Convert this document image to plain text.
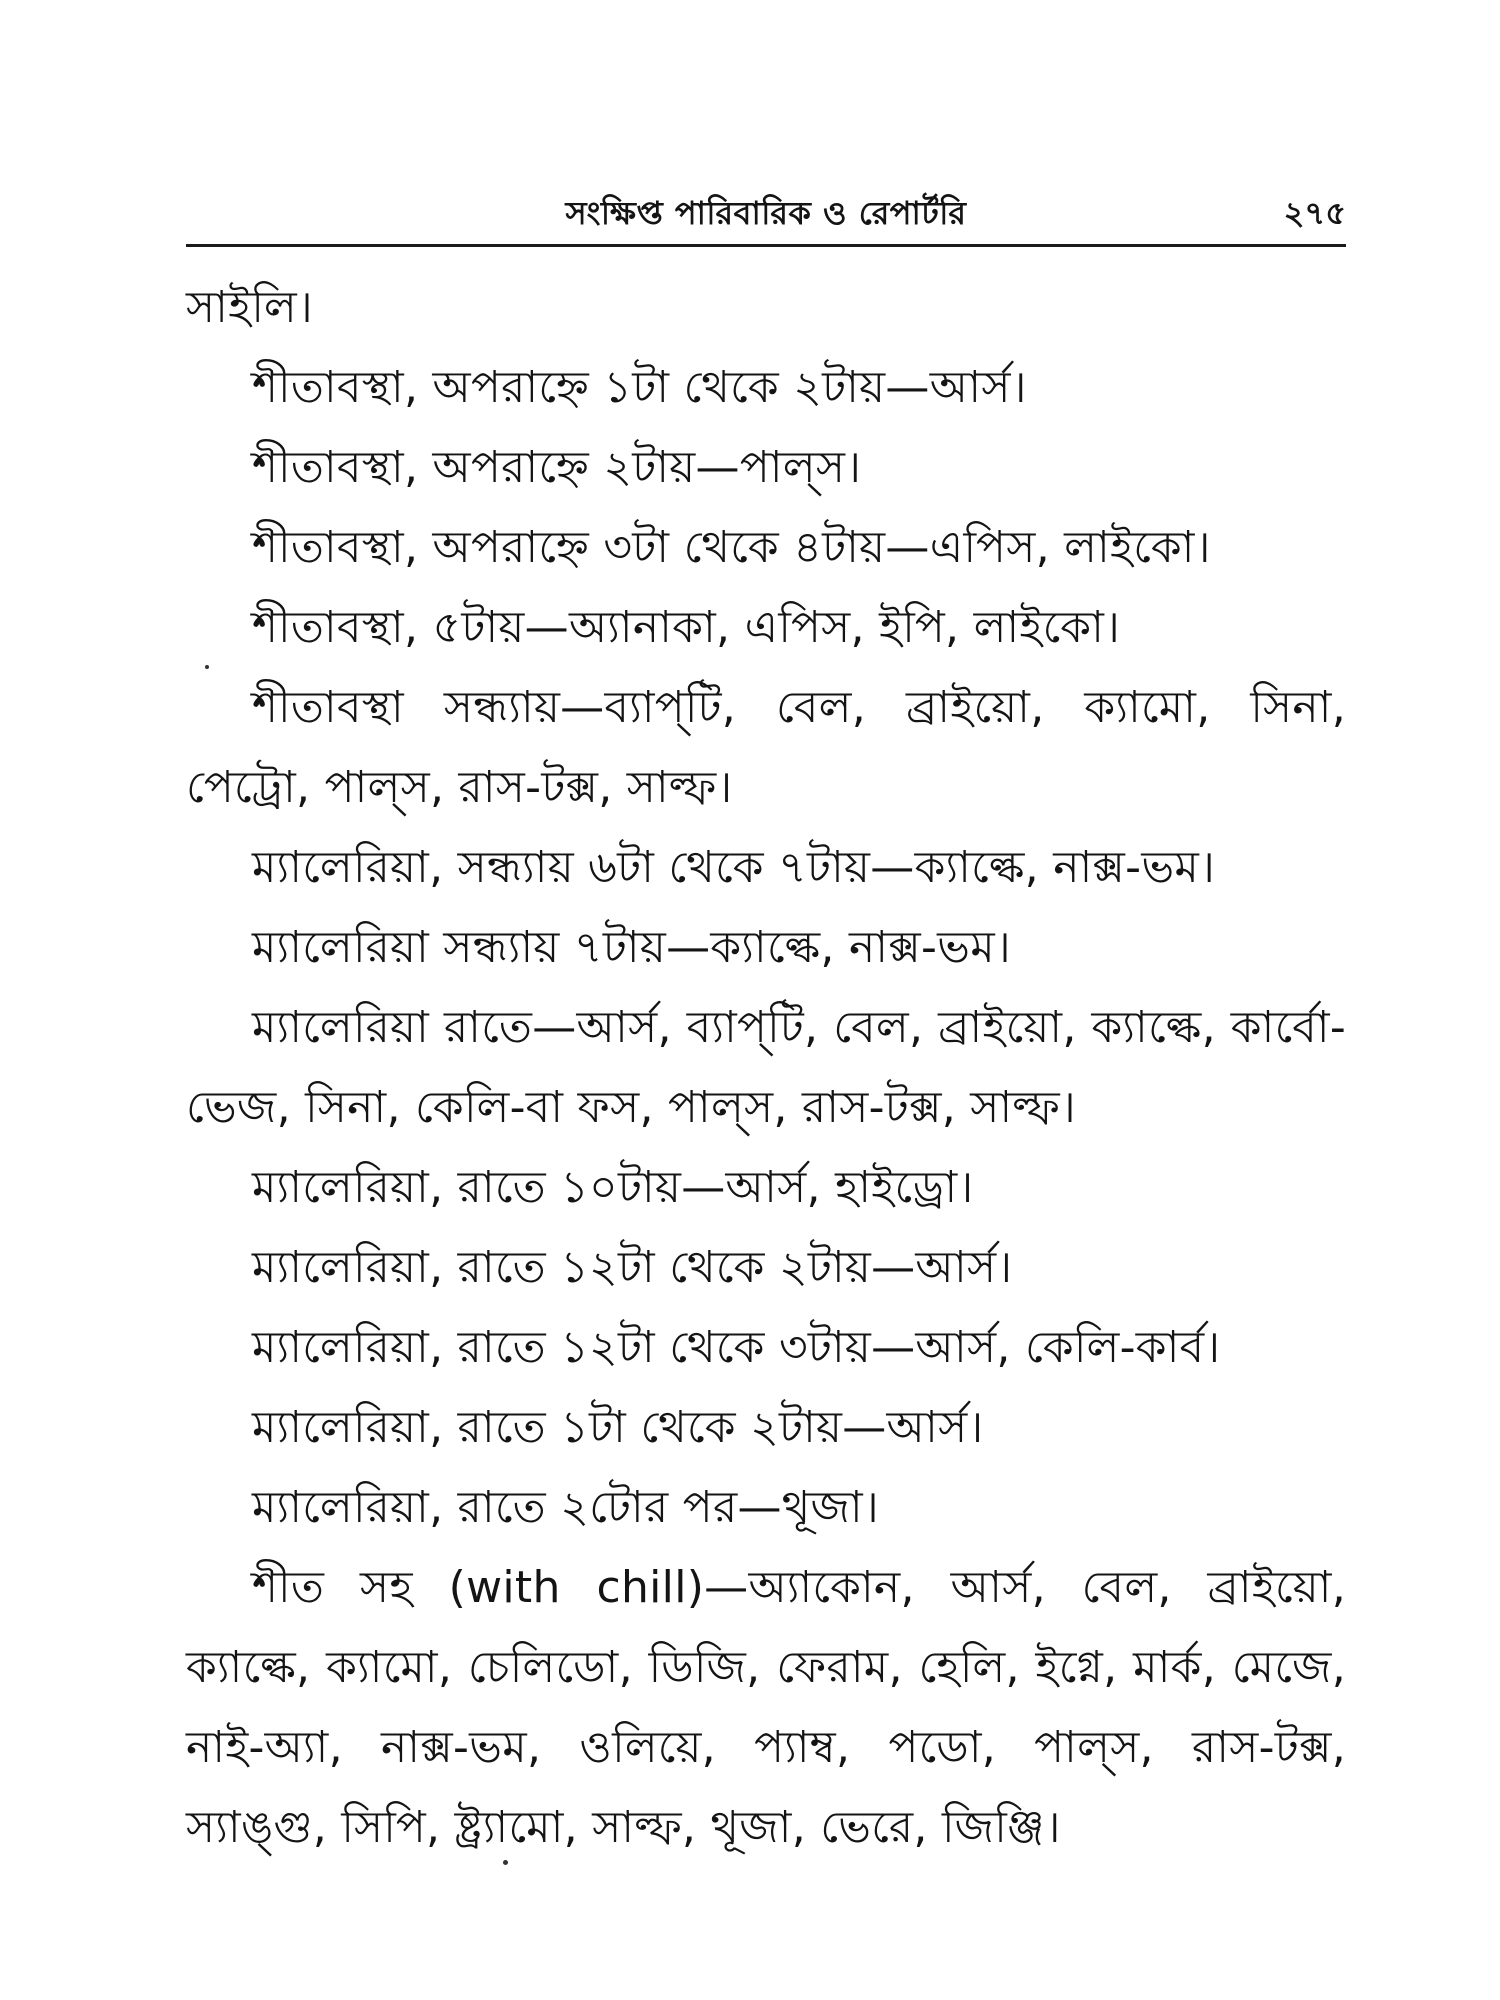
সংক্ষিপ্ত পারিবারিক ও রেপার্টরি	২৭৫

সাইলি।

শীতাবস্থা, অপরাহ্নে ১টা থেকে ২টায়—আর্স।

শীতাবস্থা, অপরাহ্নে ২টায়—পাল্স।

শীতাবস্থা, অপরাহ্নে ৩টা থেকে ৪টায়—এপিস, লাইকো।

শীতাবস্থা, ৫টায়—অ্যানাকা, এপিস, ইপি, লাইকো।

শীতাবস্থা সন্ধ্যায়—ব্যাপ্‌টি, বেল, ব্রাইয়ো, ক্যামো, সিনা, পেট্রো, পাল্স, রাস-টক্স, সাল্ফ।

ম্যালেরিয়া, সন্ধ্যায় ৬টা থেকে ৭টায়—ক্যাল্কে, নাক্স-ভম।

ম্যালেরিয়া সন্ধ্যায় ৭টায়—ক্যাল্কে, নাক্স-ভম।

ম্যালেরিয়া রাতে—আর্স, ব্যাপ্‌টি, বেল, ব্রাইয়ো, ক্যাল্কে, কার্বো-ভেজ, সিনা, কেলি-বা ফস, পাল্স, রাস-টক্স, সাল্ফ।

ম্যালেরিয়া, রাতে ১০টায়—আর্স, হাইড্রো।

ম্যালেরিয়া, রাতে ১২টা থেকে ২টায়—আর্স।

ম্যালেরিয়া, রাতে ১২টা থেকে ৩টায়—আর্স, কেলি-কার্ব।

ম্যালেরিয়া, রাতে ১টা থেকে ২টায়—আর্স।

ম্যালেরিয়া, রাতে ২টোর পর—থূজা।

শীত সহ (with chill)—অ্যাকোন, আর্স, বেল, ব্রাইয়ো, ক্যাল্কে, ক্যামো, চেলিডো, ডিজি, ফেরাম, হেলি, ইগ্নে, মার্ক, মেজে, নাই-অ্যা, নাক্স-ভম, ওলিয়ে, প্যাম্ব, পডো, পাল্স, রাস-টক্স, স্যাঙ্গু, সিপি, ষ্ট্র্যামো, সাল্ফ, থূজা, ভেরে, জিঞ্জি।
